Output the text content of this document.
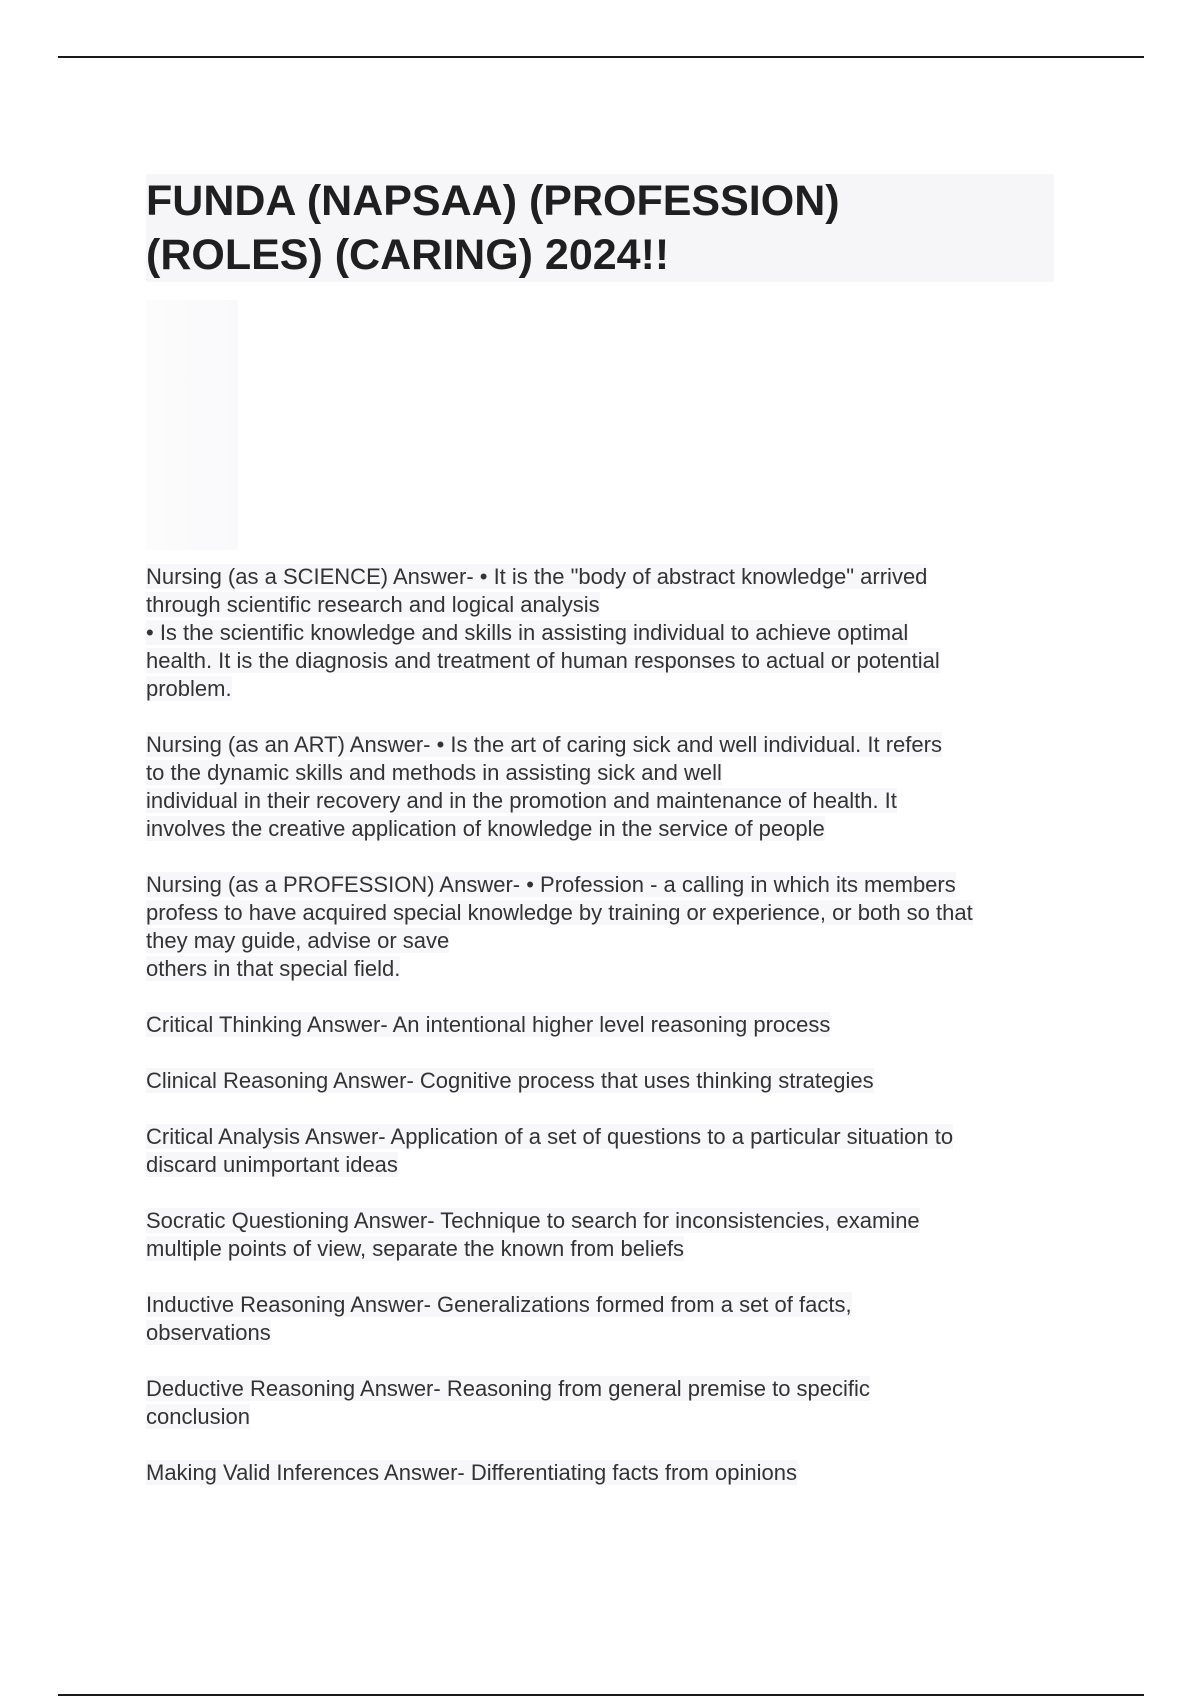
FUNDA (NAPSAA) (PROFESSION)
(ROLES) (CARING) 2024!!
Nursing (as a SCIENCE) Answer- • It is the "body of abstract knowledge" arrived
through scientific research and logical analysis
• Is the scientific knowledge and skills in assisting individual to achieve optimal
health. It is the diagnosis and treatment of human responses to actual or potential
problem.
Nursing (as an ART) Answer- • Is the art of caring sick and well individual. It refers
to the dynamic skills and methods in assisting sick and well
individual in their recovery and in the promotion and maintenance of health. It
involves the creative application of knowledge in the service of people
Nursing (as a PROFESSION) Answer- • Profession - a calling in which its members
profess to have acquired special knowledge by training or experience, or both so that
they may guide, advise or save
others in that special field.
Critical Thinking Answer- An intentional higher level reasoning process
Clinical Reasoning Answer- Cognitive process that uses thinking strategies
Critical Analysis Answer- Application of a set of questions to a particular situation to
discard unimportant ideas
Socratic Questioning Answer- Technique to search for inconsistencies, examine
multiple points of view, separate the known from beliefs
Inductive Reasoning Answer- Generalizations formed from a set of facts,
observations
Deductive Reasoning Answer- Reasoning from general premise to specific
conclusion
Making Valid Inferences Answer- Differentiating facts from opinions
